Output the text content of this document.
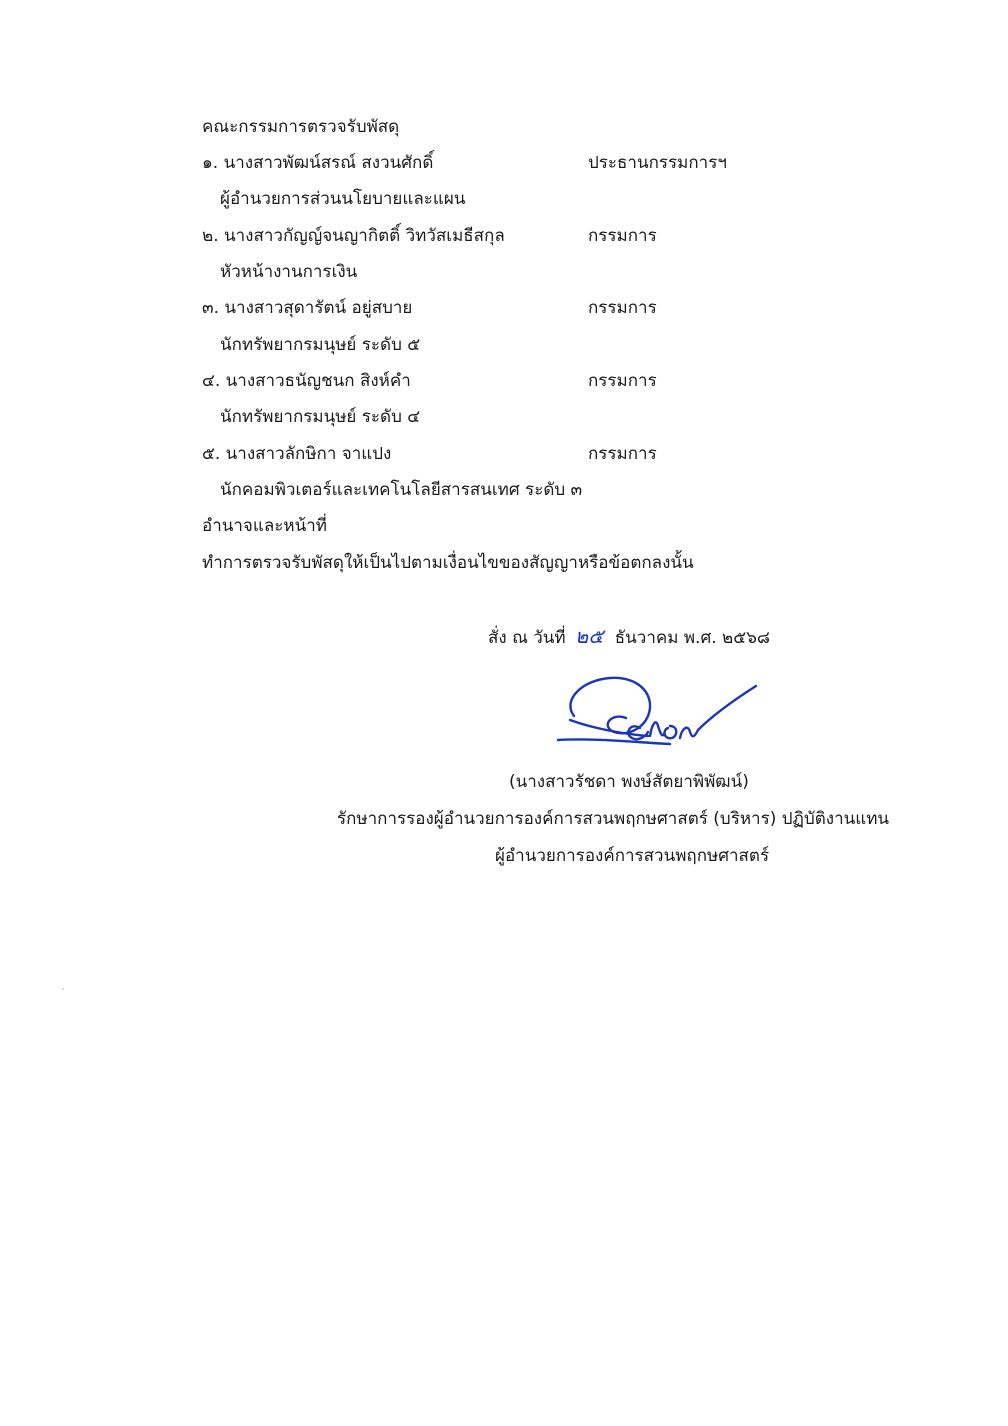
คณะกรรมการตรวจรับพัสดุ
๑. นางสาวพัฒน์สรณ์ สงวนศักดิ์	ประธานกรรมการฯ
ผู้อำนวยการส่วนนโยบายและแผน
๒. นางสาวกัญญ์จนญากิตติ์ วิทวัสเมธีสกุล	กรรมการ
หัวหน้างานการเงิน
๓. นางสาวสุดารัตน์ อยู่สบาย	กรรมการ
นักทรัพยากรมนุษย์ ระดับ ๕
๔. นางสาวธนัญชนก สิงห์คำ	กรรมการ
นักทรัพยากรมนุษย์ ระดับ ๔
๕. นางสาวลักษิกา จาแปง	กรรมการ
นักคอมพิวเตอร์และเทคโนโลยีสารสนเทศ ระดับ ๓
อำนาจและหน้าที่
ทำการตรวจรับพัสดุให้เป็นไปตามเงื่อนไขของสัญญาหรือข้อตกลงนั้น
สั่ง ณ วันที่ ๒๕ ธันวาคม พ.ศ. ๒๕๖๘
(นางสาวรัชดา พงษ์สัตยาพิพัฒน์)
รักษาการรองผู้อำนวยการองค์การสวนพฤกษศาสตร์ (บริหาร) ปฏิบัติงานแทน
ผู้อำนวยการองค์การสวนพฤกษศาสตร์
